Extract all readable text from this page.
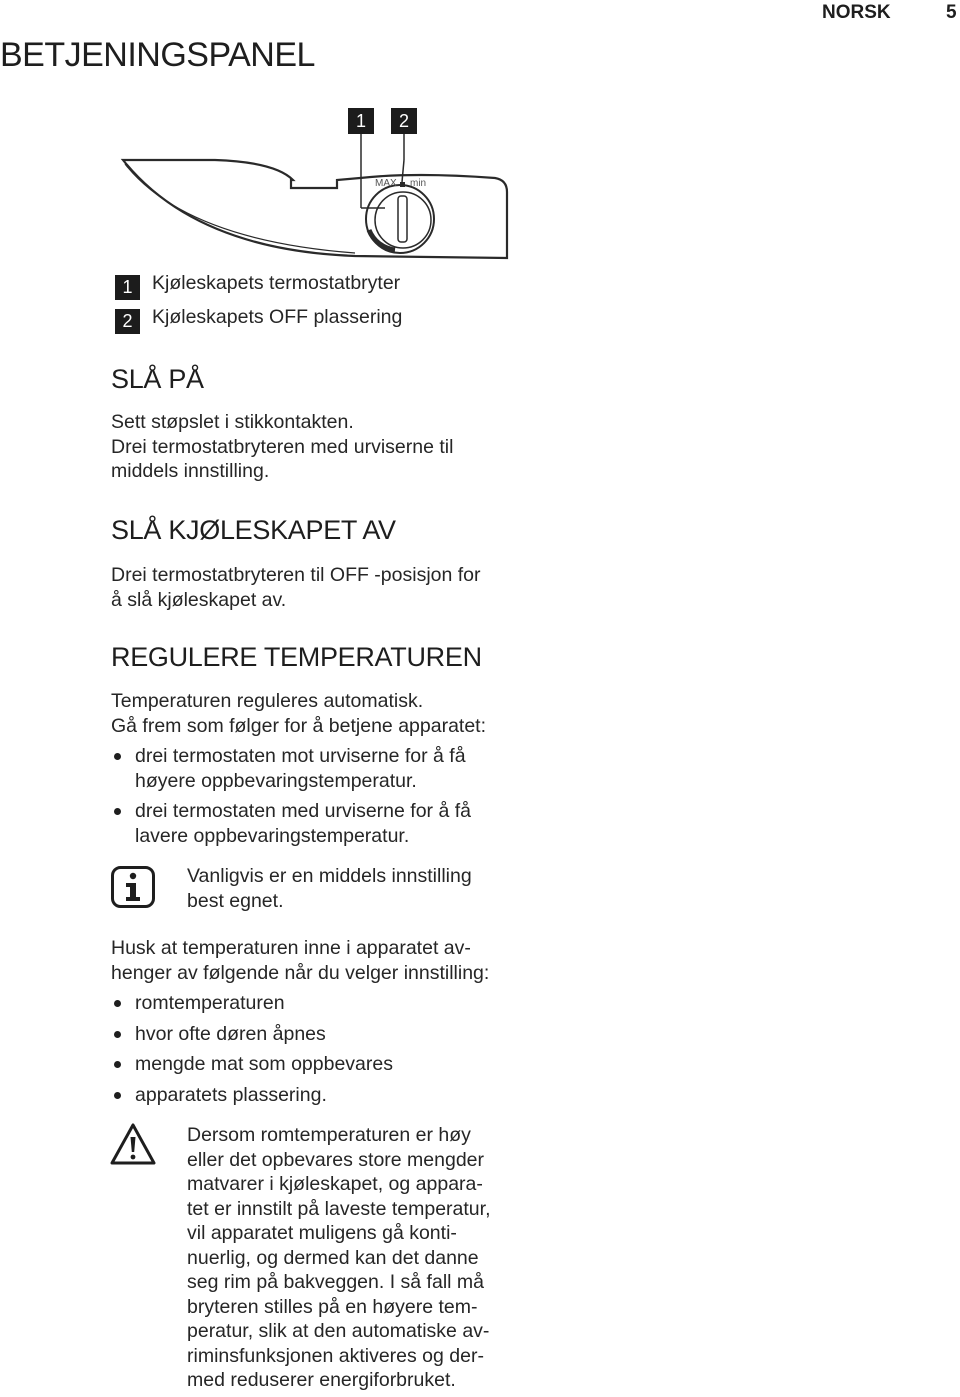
NORSK	5
BETJENINGSPANEL
1	2
MAX min
1	Kjøleskapets termostatbryter
2	Kjøleskapets OFF plassering
SLÅ PÅ
Sett støpslet i stikkontakten.
Drei termostatbryteren med urviserne til
middels innstilling.
SLÅ KJØLESKAPET AV
Drei termostatbryteren til OFF -posisjon for
å slå kjøleskapet av.
REGULERE TEMPERATUREN
Temperaturen reguleres automatisk.
Gå frem som følger for å betjene apparatet:
drei termostaten mot urviserne for å få
høyere oppbevaringstemperatur.
drei termostaten med urviserne for å få
lavere oppbevaringstemperatur.
Vanligvis er en middels innstilling
best egnet.
Husk at temperaturen inne i apparatet av-
henger av følgende når du velger innstilling:
romtemperaturen
hvor ofte døren åpnes
mengde mat som oppbevares
apparatets plassering.
Dersom romtemperaturen er høy
eller det opbevares store mengder
matvarer i kjøleskapet, og appara-
tet er innstilt på laveste temperatur,
vil apparatet muligens gå konti-
nuerlig, og dermed kan det danne
seg rim på bakveggen. I så fall må
bryteren stilles på en høyere tem-
peratur, slik at den automatiske av-
riminsfunksjonen aktiveres og der-
med reduserer energiforbruket.
